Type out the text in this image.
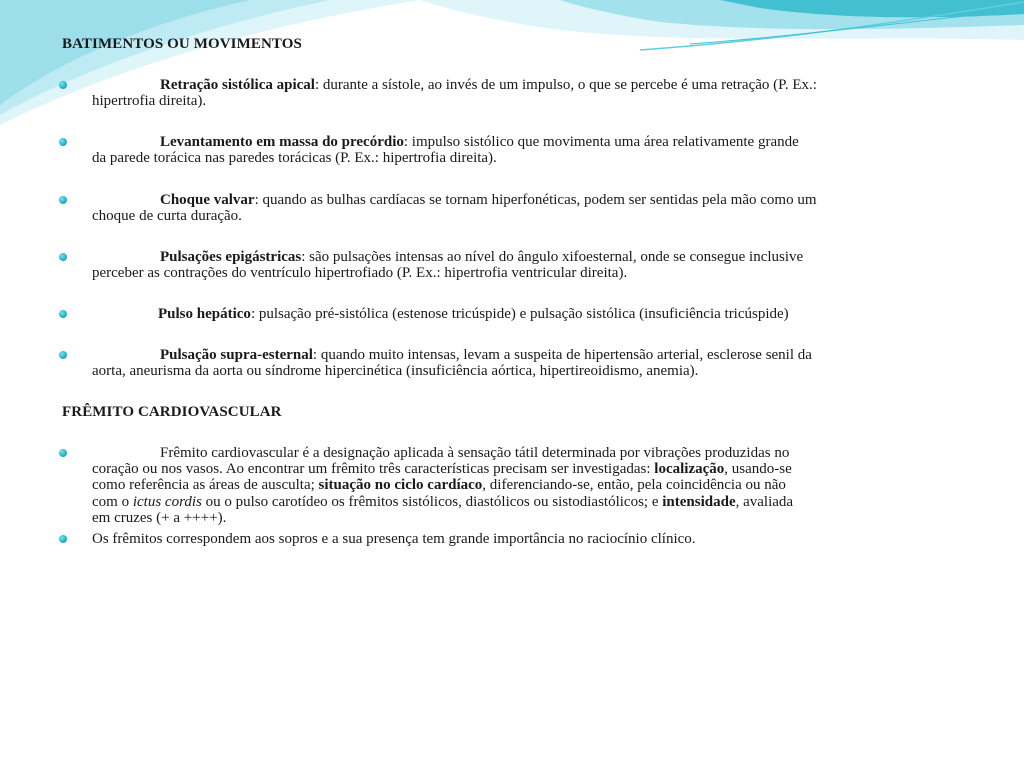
BATIMENTOS OU MOVIMENTOS
Retração sistólica apical: durante a sístole, ao invés de um impulso, o que se percebe é uma retração (P. Ex.:
hipertrofia direita).
Levantamento em massa do precórdio: impulso sistólico que movimenta uma área relativamente grande
da parede torácica nas paredes torácicas (P. Ex.: hipertrofia direita).
Choque valvar: quando as bulhas cardíacas se tornam hiperfonéticas, podem ser sentidas pela mão como um
choque de curta duração.
Pulsações epigástricas: são pulsações intensas ao nível do ângulo xifoesternal, onde se consegue inclusive
perceber as contrações do ventrículo hipertrofiado (P. Ex.: hipertrofia ventricular direita).
Pulso hepático: pulsação pré-sistólica (estenose tricúspide) e pulsação sistólica (insuficiência tricúspide)
Pulsação supra-esternal: quando muito intensas, levam a suspeita de hipertensão arterial, esclerose senil da
aorta, aneurisma da aorta ou síndrome hipercinética (insuficiência aórtica, hipertireoidismo, anemia).
FRÊMITO CARDIOVASCULAR
Frêmito cardiovascular é a designação aplicada à sensação tátil determinada por vibrações produzidas no
coração ou nos vasos. Ao encontrar um frêmito três características precisam ser investigadas: localização, usando-se
como referência as áreas de ausculta; situação no ciclo cardíaco, diferenciando-se, então, pela coincidência ou não
com o ictus cordis ou o pulso carotídeo os frêmitos sistólicos, diastólicos ou sistodiastólicos; e intensidade, avaliada
em cruzes (+ a ++++).
Os frêmitos correspondem aos sopros e a sua presença tem grande importância no raciocínio clínico.
